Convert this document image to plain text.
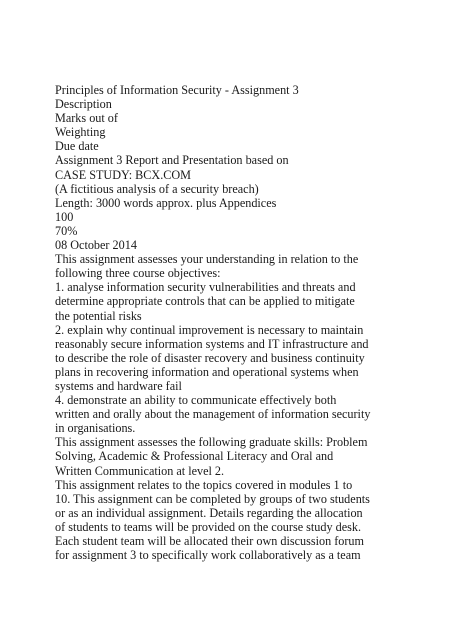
Principles of Information Security - Assignment 3
Description
Marks out of
Weighting
Due date
Assignment 3 Report and Presentation based on
CASE STUDY: BCX.COM
(A fictitious analysis of a security breach)
Length: 3000 words approx. plus Appendices
100
70%
08 October 2014
This assignment assesses your understanding in relation to the
following three course objectives:
1. analyse information security vulnerabilities and threats and
determine appropriate controls that can be applied to mitigate
the potential risks
2. explain why continual improvement is necessary to maintain
reasonably secure information systems and IT infrastructure and
to describe the role of disaster recovery and business continuity
plans in recovering information and operational systems when
systems and hardware fail
4. demonstrate an ability to communicate effectively both
written and orally about the management of information security
in organisations.
This assignment assesses the following graduate skills: Problem
Solving, Academic & Professional Literacy and Oral and
Written Communication at level 2.
This assignment relates to the topics covered in modules 1 to
10. This assignment can be completed by groups of two students
or as an individual assignment. Details regarding the allocation
of students to teams will be provided on the course study desk.
Each student team will be allocated their own discussion forum
for assignment 3 to specifically work collaboratively as a team
